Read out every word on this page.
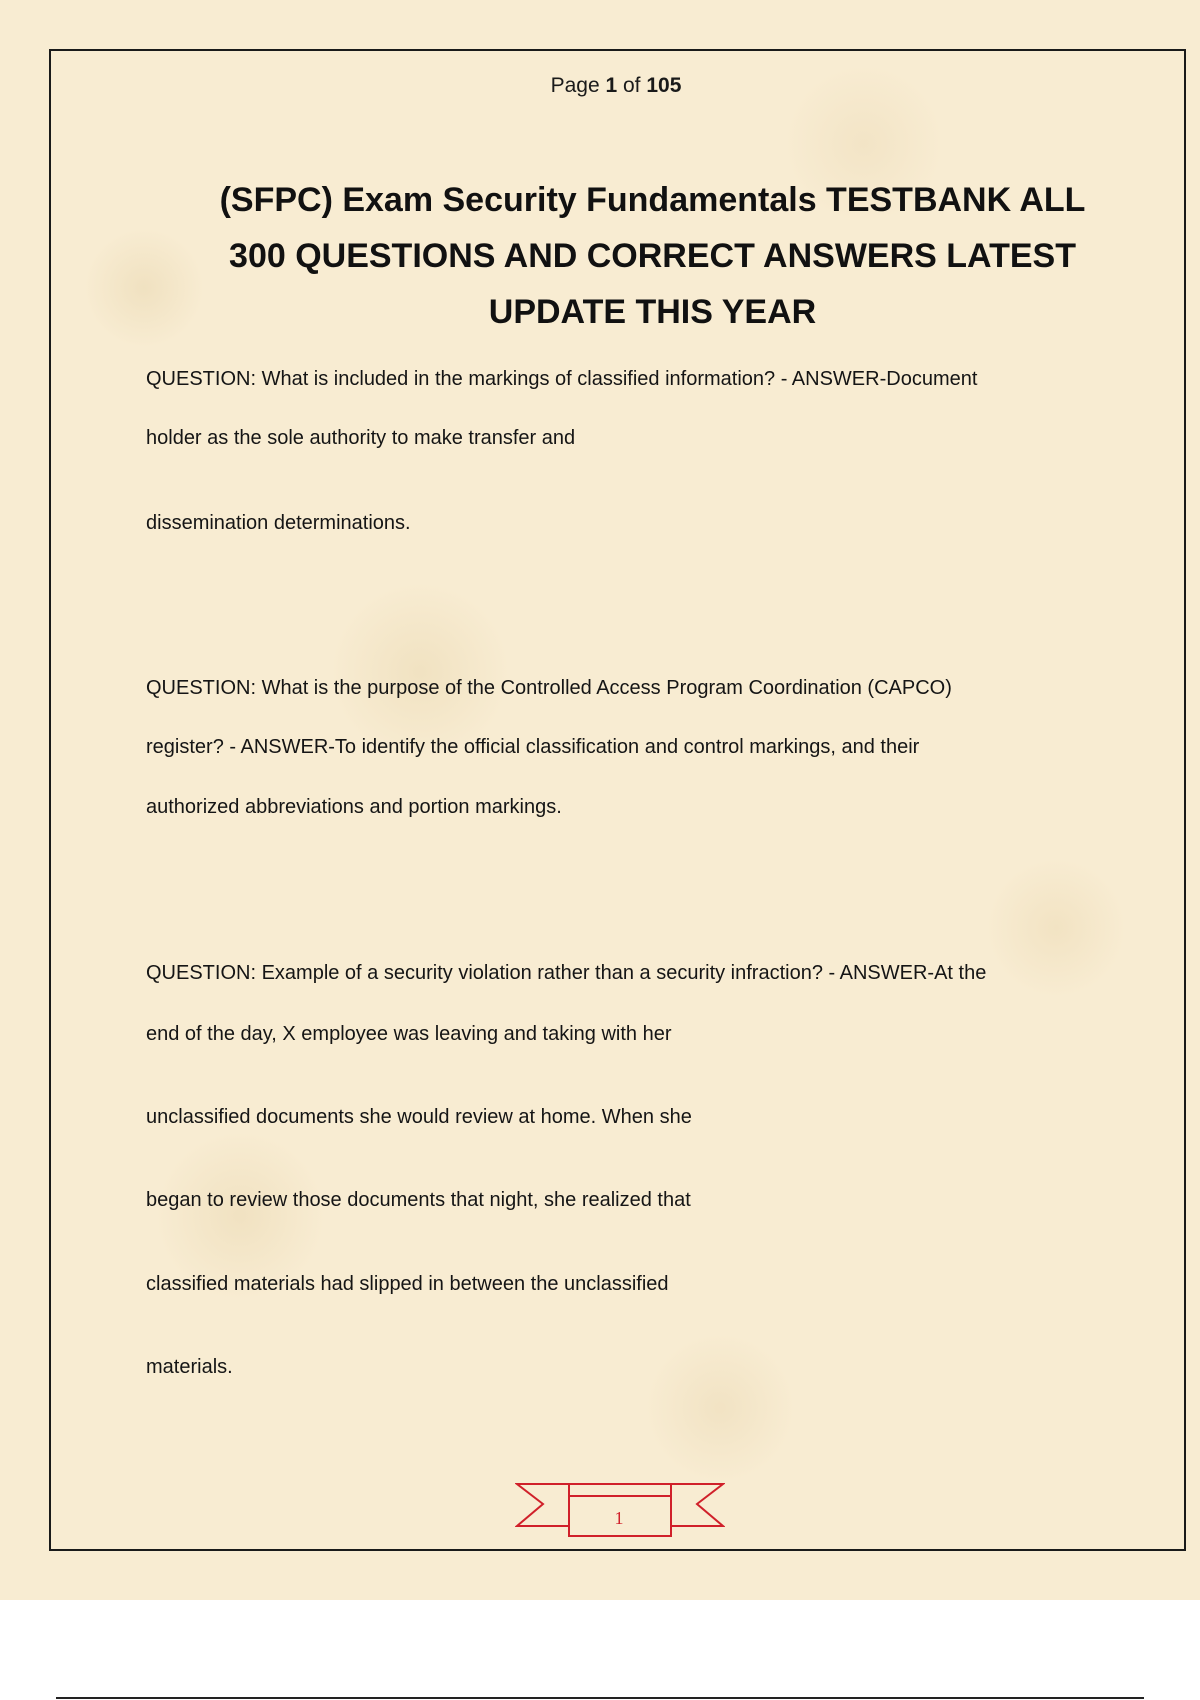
Page 1 of 105
(SFPC) Exam Security Fundamentals TESTBANK ALL
300 QUESTIONS AND CORRECT ANSWERS LATEST
UPDATE THIS YEAR
QUESTION: What is included in the markings of classified information? - ANSWER-Document
holder as the sole authority to make transfer and
dissemination determinations.
QUESTION: What is the purpose of the Controlled Access Program Coordination (CAPCO)
register? - ANSWER-To identify the official classification and control markings, and their
authorized abbreviations and portion markings.
QUESTION: Example of a security violation rather than a security infraction? - ANSWER-At the
end of the day, X employee was leaving and taking with her
unclassified documents she would review at home. When she
began to review those documents that night, she realized that
classified materials had slipped in between the unclassified
materials.
1
